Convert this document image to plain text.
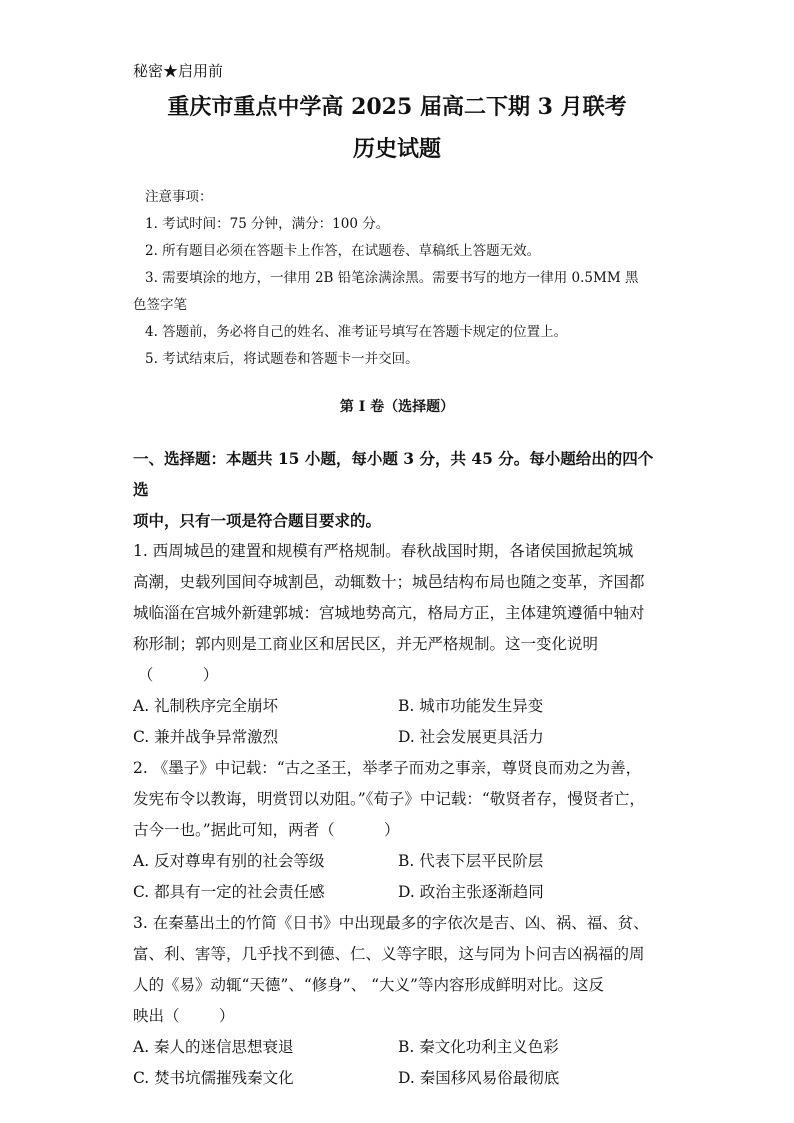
秘密★启用前
重庆市重点中学高 2025 届高二下期 3 月联考
历史试题

注意事项：

1. 考试时间：75 分钟，满分：100 分。

2. 所有题目必须在答题卡上作答，在试题卷、草稿纸上答题无效。

3. 需要填涂的地方，一律用 2B 铅笔涂满涂黑。需要书写的地方一律用 0.5MM 黑

色签字笔

4. 答题前，务必将自己的姓名、准考证号填写在答题卡规定的位置上。

5. 考试结束后，将试题卷和答题卡一并交回。

第 I 卷（选择题）

一、选择题：本题共 15 小题，每小题 3 分，共 45 分。每小题给出的四个选

项中，只有一项是符合题目要求的。

1. 西周城邑的建置和规模有严格规制。春秋战国时期，各诸侯国掀起筑城

高潮，史载列国间夺城割邑，动辄数十；城邑结构布局也随之变革，齐国都

城临淄在宫城外新建郭城：宫城地势高亢，格局方正，主体建筑遵循中轴对

称形制；郭内则是工商业区和居民区，并无严格规制。这一变化说明

（          ）

A. 礼制秩序完全崩坏	B. 城市功能发生异变
C. 兼并战争异常激烈	D. 社会发展更具活力

2. 《墨子》中记载：“古之圣王，举孝子而劝之事亲，尊贤良而劝之为善，

发宪布令以教诲，明赏罚以劝阻。”《荀子》中记载：“敬贤者存，慢贤者亡，

古今一也。”据此可知，两者（          ）

A. 反对尊卑有别的社会等级	B. 代表下层平民阶层
C. 都具有一定的社会责任感	D. 政治主张逐渐趋同

3. 在秦墓出土的竹简《日书》中出现最多的字依次是吉、凶、祸、福、贫、

富、利、害等，几乎找不到德、仁、义等字眼，这与同为卜问吉凶祸福的周

人的《易》动辄“天德”、“修身”、 “大义”等内容形成鲜明对比。这反

映出（        ）

A. 秦人的迷信思想衰退	B. 秦文化功利主义色彩
C. 焚书坑儒摧残秦文化	D. 秦国移风易俗最彻底
